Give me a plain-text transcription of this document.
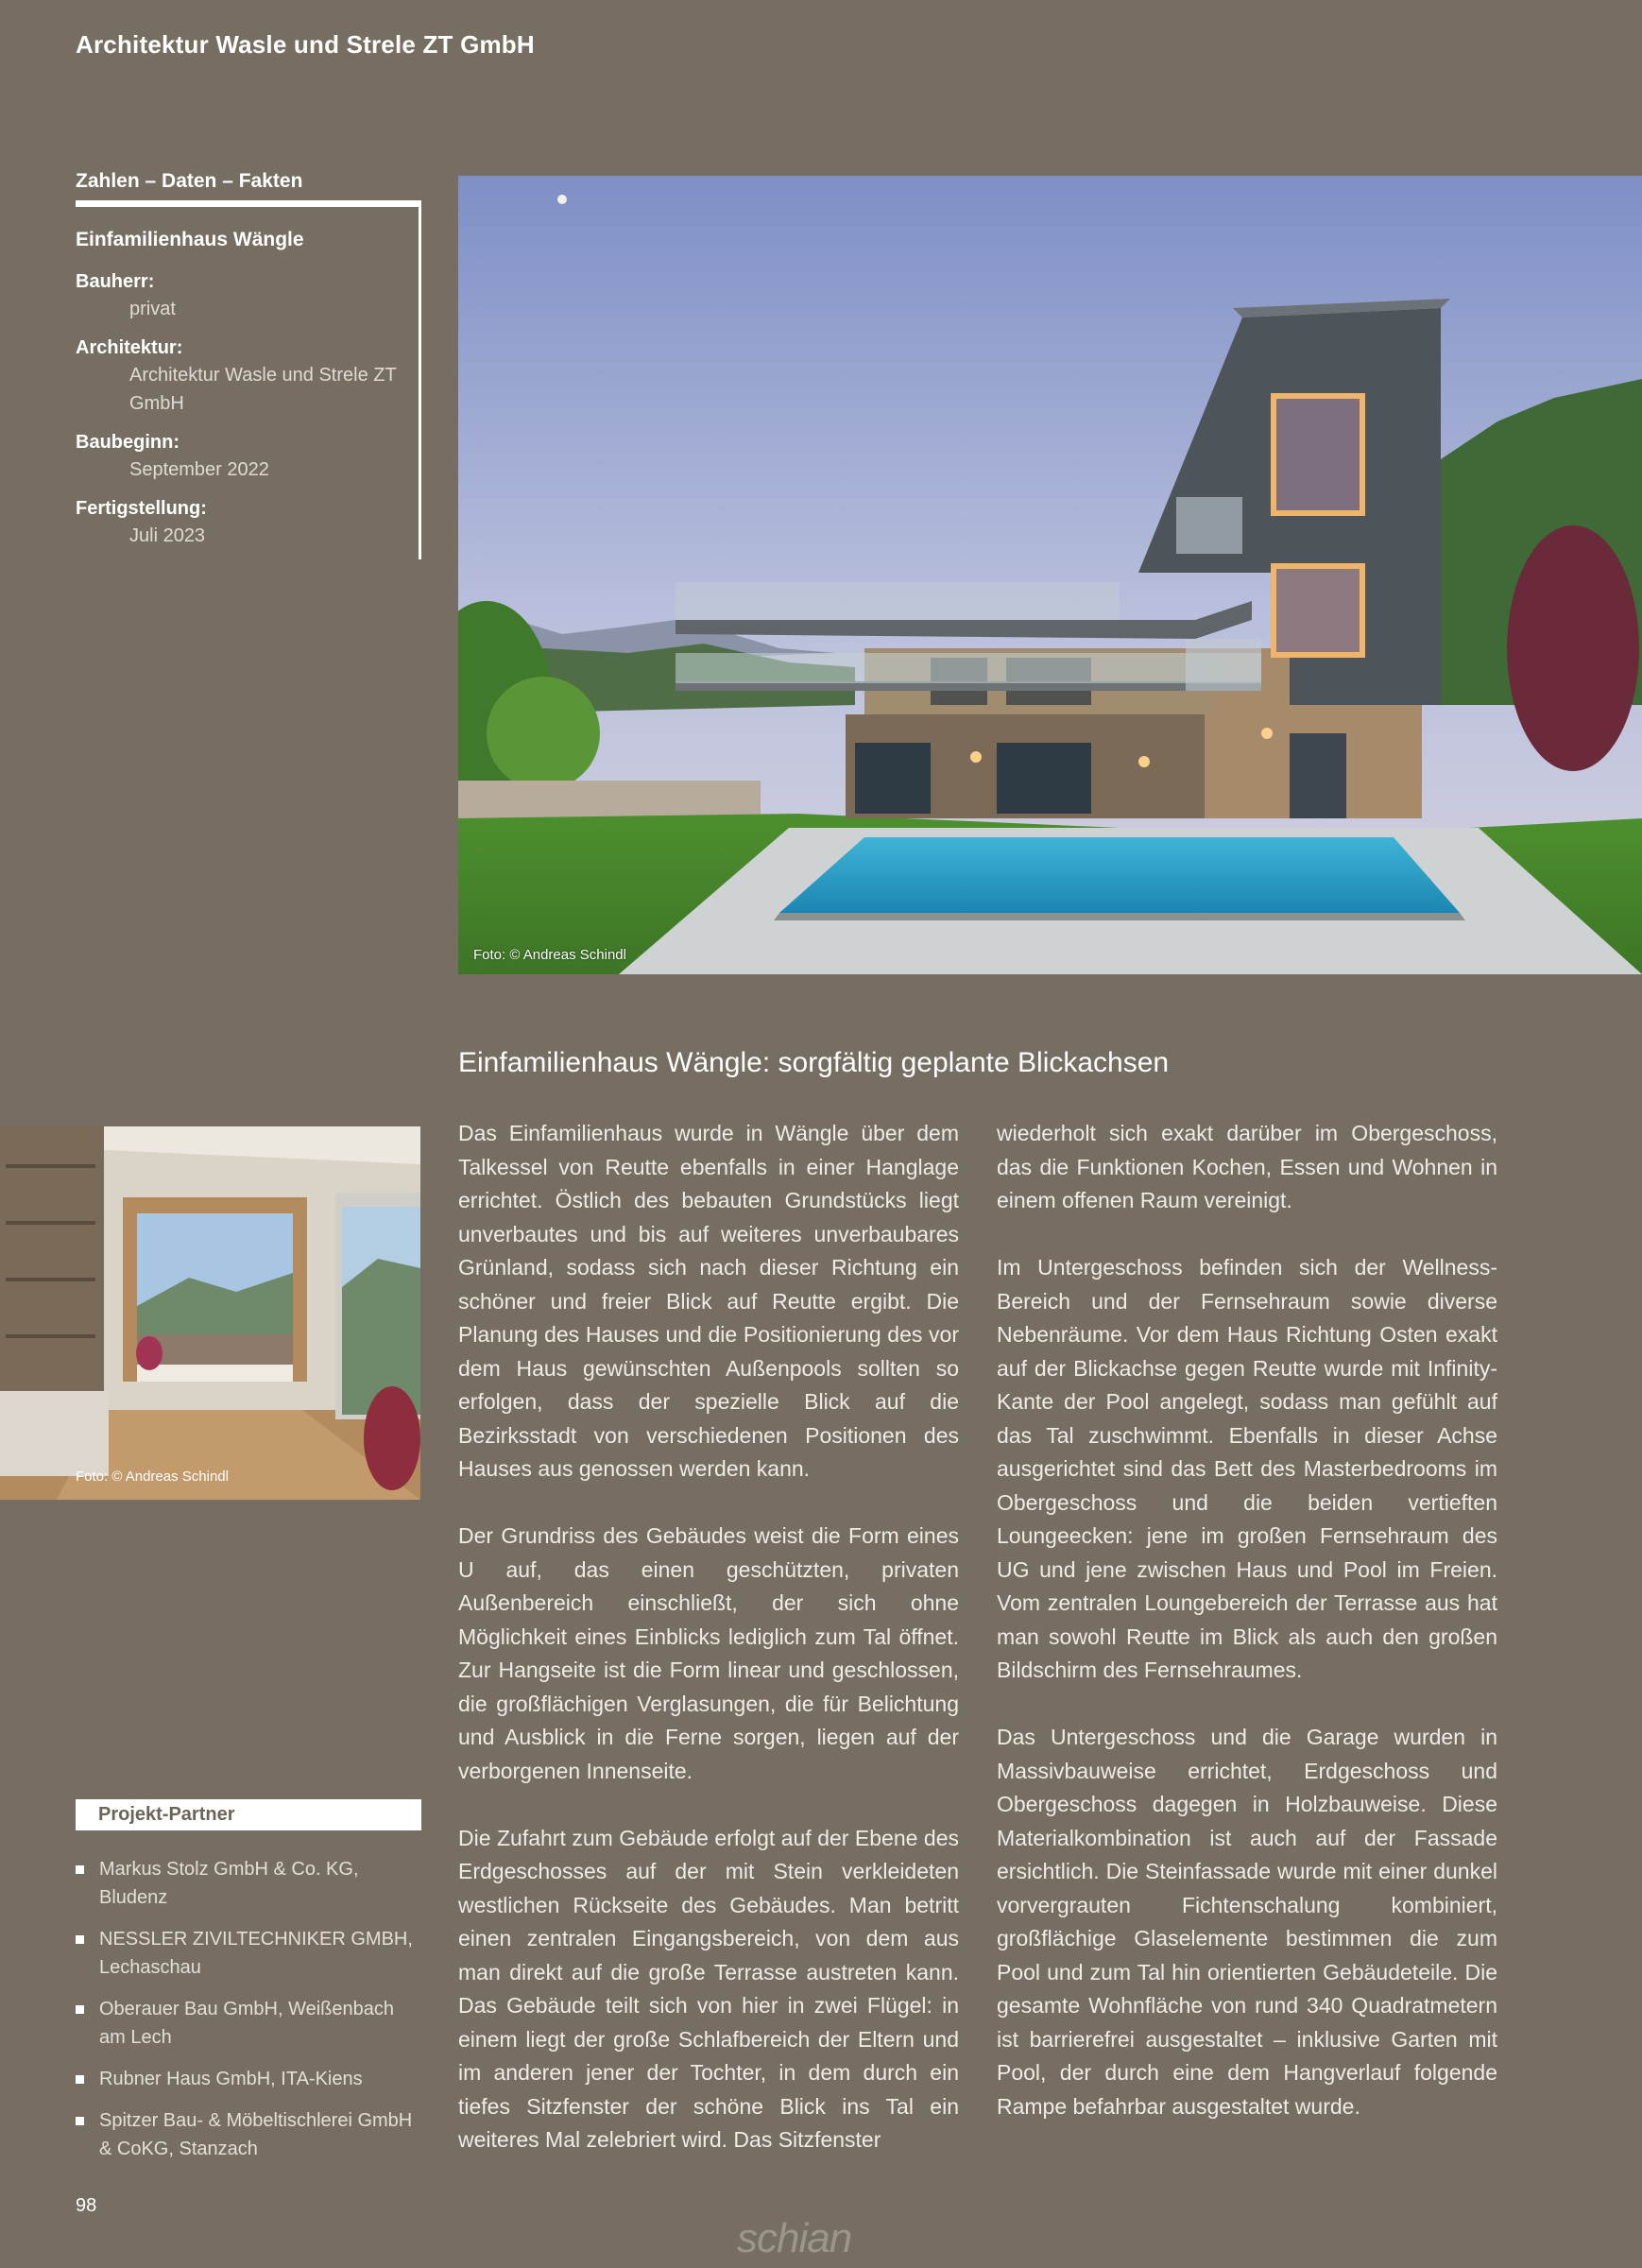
Architektur Wasle und Strele ZT GmbH
Zahlen – Daten – Fakten
Einfamilienhaus Wängle
Bauherr:
privat
Architektur:
Architektur Wasle und Strele ZT GmbH
Baubeginn:
September 2022
Fertigstellung:
Juli 2023
Foto: © Andreas Schindl
Foto: © Andreas Schindl
Einfamilienhaus Wängle: sorgfältig geplante Blickachsen

Das Einfamilienhaus wurde in Wängle über dem Talkessel von Reutte ebenfalls in einer Hanglage errichtet. Östlich des bebauten Grundstücks liegt unverbautes und bis auf weiteres unverbaubares Grünland, sodass sich nach dieser Richtung ein schöner und freier Blick auf Reutte ergibt. Die Planung des Hauses und die Positionierung des vor dem Haus gewünschten Außenpools sollten so erfolgen, dass der spezielle Blick auf die Bezirksstadt von verschiedenen Positionen des Hauses aus genossen werden kann.

Der Grundriss des Gebäudes weist die Form eines U auf, das einen geschützten, privaten Außenbereich einschließt, der sich ohne Möglichkeit eines Einblicks lediglich zum Tal öffnet. Zur Hangseite ist die Form linear und geschlossen, die großflächigen Verglasungen, die für Belichtung und Ausblick in die Ferne sorgen, liegen auf der verborgenen Innenseite.

Die Zufahrt zum Gebäude erfolgt auf der Ebene des Erdgeschosses auf der mit Stein verkleideten westlichen Rückseite des Gebäudes. Man betritt einen zentralen Eingangsbereich, von dem aus man direkt auf die große Terrasse austreten kann. Das Gebäude teilt sich von hier in zwei Flügel: in einem liegt der große Schlafbereich der Eltern und im anderen jener der Tochter, in dem durch ein tiefes Sitzfenster der schöne Blick ins Tal ein weiteres Mal zelebriert wird. Das Sitzfenster

wiederholt sich exakt darüber im Obergeschoss, das die Funktionen Kochen, Essen und Wohnen in einem offenen Raum vereinigt.

Im Untergeschoss befinden sich der Wellness-Bereich und der Fernsehraum sowie diverse Nebenräume. Vor dem Haus Richtung Osten exakt auf der Blickachse gegen Reutte wurde mit Infinity-Kante der Pool angelegt, sodass man gefühlt auf das Tal zuschwimmt. Ebenfalls in dieser Achse ausgerichtet sind das Bett des Masterbedrooms im Obergeschoss und die beiden vertieften Loungeecken: jene im großen Fernsehraum des UG und jene zwischen Haus und Pool im Freien. Vom zentralen Loungebereich der Terrasse aus hat man sowohl Reutte im Blick als auch den großen Bildschirm des Fernsehraumes.

Das Untergeschoss und die Garage wurden in Massivbauweise errichtet, Erdgeschoss und Obergeschoss dagegen in Holzbauweise. Diese Materialkombination ist auch auf der Fassade ersichtlich. Die Steinfassade wurde mit einer dunkel vorvergrauten Fichtenschalung kombiniert, großflächige Glaselemente bestimmen die zum Pool und zum Tal hin orientierten Gebäudeteile. Die gesamte Wohnfläche von rund 340 Quadratmetern ist barrierefrei ausgestaltet – inklusive Garten mit Pool, der durch eine dem Hangverlauf folgende Rampe befahrbar ausgestaltet wurde.

Projekt-Partner
Markus Stolz GmbH & Co. KG, Bludenz
NESSLER ZIVILTECHNIKER GMBH, Lechaschau
Oberauer Bau GmbH, Weißenbach am Lech
Rubner Haus GmbH, ITA-Kiens
Spitzer Bau- & Möbeltischlerei GmbH & CoKG, Stanzach
98
schian
